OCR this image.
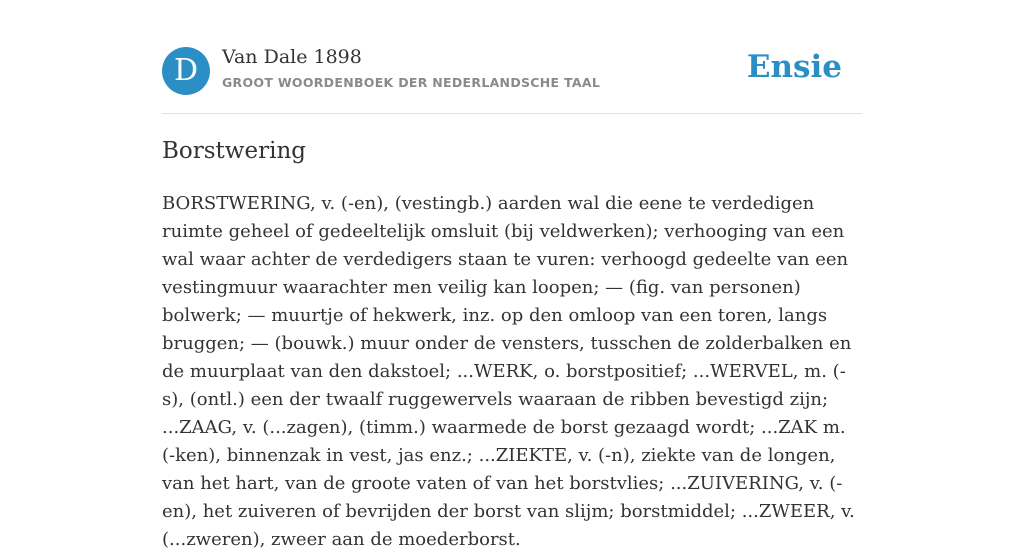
D	Van Dale 1898
GROOT WOORDENBOEK DER NEDERLANDSCHE TAAL	Ensie
Borstwering
BORSTWERING, v. (-en), (vestingb.) aarden wal die eene te verdedigen ruimte geheel of gedeeltelijk omsluit (bij veldwerken); verhooging van een wal waar achter de verdedigers staan te vuren: verhoogd gedeelte van een vestingmuur waarachter men veilig kan loopen; — (fig. van personen) bolwerk; — muurtje of hekwerk, inz. op den omloop van een toren, langs bruggen; — (bouwk.) muur onder de vensters, tusschen de zolderbalken en de muurplaat van den dakstoel; ...WERK, o. borstpositief; ...WERVEL, m. (-s), (ontl.) een der twaalf ruggewervels waaraan de ribben bevestigd zijn; ...ZAAG, v. (...zagen), (timm.) waarmede de borst gezaagd wordt; ...ZAK m. (-ken), binnenzak in vest, jas enz.; ...ZIEKTE, v. (-n), ziekte van de longen, van het hart, van de groote vaten of van het borstvlies; ...ZUIVERING, v. (-en), het zuiveren of bevrijden der borst van slijm; borstmiddel; ...ZWEER, v. (...zweren), zweer aan de moederborst.
